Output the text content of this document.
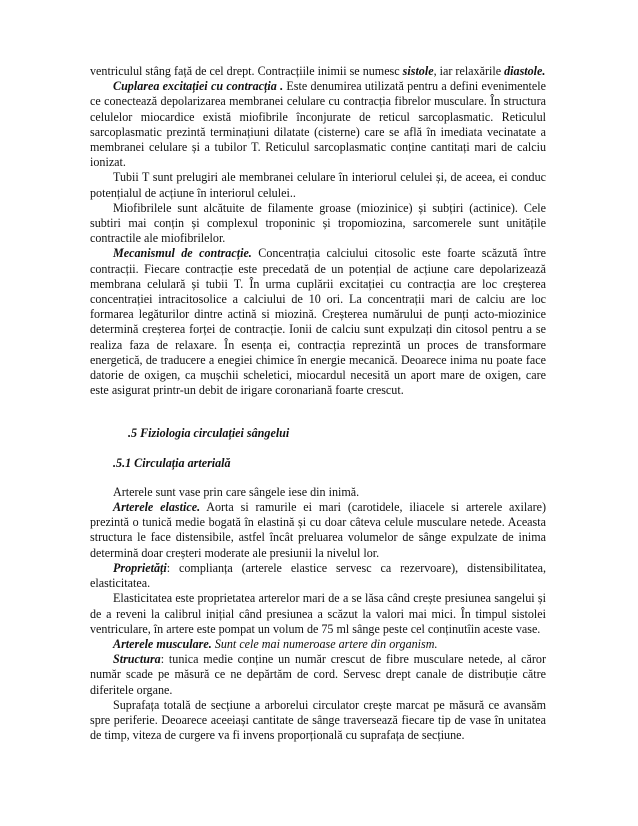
ventriculul stâng față de cel drept. Contracțiile inimii se numesc sistole, iar relaxările diastole.

Cuplarea excitației cu contracția . Este denumirea utilizată pentru a defini evenimentele ce conectează depolarizarea membranei celulare cu contracția fibrelor musculare. În structura celulelor miocardice există miofibrile înconjurate de reticul sarcoplasmatic. Reticulul sarcoplasmatic prezintă terminațiuni dilatate (cisterne) care se află în imediata vecinatate a membranei celulare și a tubilor T. Reticulul sarcoplasmatic conține cantitați mari de calciu ionizat.

Tubii T sunt prelugiri ale membranei celulare în interiorul celulei și, de aceea, ei conduc potențialul de acțiune în interiorul celulei..

Miofibrilele sunt alcătuite de filamente groase (miozinice) și subțiri (actinice). Cele subtiri mai conțin și complexul troponinic și tropomiozina, sarcomerele sunt unitățile contractile ale miofibrilelor.

Mecanismul de contracție. Concentrația calciului citosolic este foarte scăzută între contracții. Fiecare contracție este precedată de un potențial de acțiune care depolarizează membrana celulară și tubii T. În urma cuplării excitației cu contracția are loc creșterea concentrației intracitosolice a calciului de 10 ori. La concentrații mari de calciu are loc formarea legăturilor dintre actină si miozină. Creșterea numărului de punți acto-miozinice determină creșterea forței de contracție. Ionii de calciu sunt expulzați din citosol pentru a se realiza faza de relaxare. În esența ei, contracția reprezintă un proces de transformare energetică, de traducere a enegiei chimice în energie mecanică. Deoarece inima nu poate face datorie de oxigen, ca mușchii scheletici, miocardul necesită un aport mare de oxigen, care este asigurat printr-un debit de irigare coronariană foarte crescut.

.5 Fiziologia circulației sângelui
.5.1 Circulația arterială

Arterele sunt vase prin care sângele iese din inimă.

Arterele elastice. Aorta si ramurile ei mari (carotidele, iliacele si arterele axilare) prezintă o tunică medie bogată în elastină și cu doar câteva celule musculare netede. Aceasta structura le face distensibile, astfel încât preluarea volumelor de sânge expulzate de inima determină doar creșteri moderate ale presiunii la nivelul lor.

Proprietăți: complianța (arterele elastice servesc ca rezervoare), distensibilitatea, elasticitatea.

Elasticitatea este proprietatea arterelor mari de a se lăsa când crește presiunea sangelui și de a reveni la calibrul inițial când presiunea a scăzut la valori mai mici. În timpul sistolei ventriculare, în artere este pompat un volum de 75 ml sânge peste cel conținutîin aceste vase.

Arterele musculare. Sunt cele mai numeroase artere din organism.

Structura: tunica medie conține un număr crescut de fibre musculare netede, al căror număr scade pe măsură ce ne depărtăm de cord. Servesc drept canale de distribuție către diferitele organe.

Suprafața totală de secțiune a arborelui circulator crește marcat pe măsură ce avansăm spre periferie. Deoarece aceeiași cantitate de sânge traversează fiecare tip de vase în unitatea de timp, viteza de curgere va fi invens proporțională cu suprafața de secțiune.
